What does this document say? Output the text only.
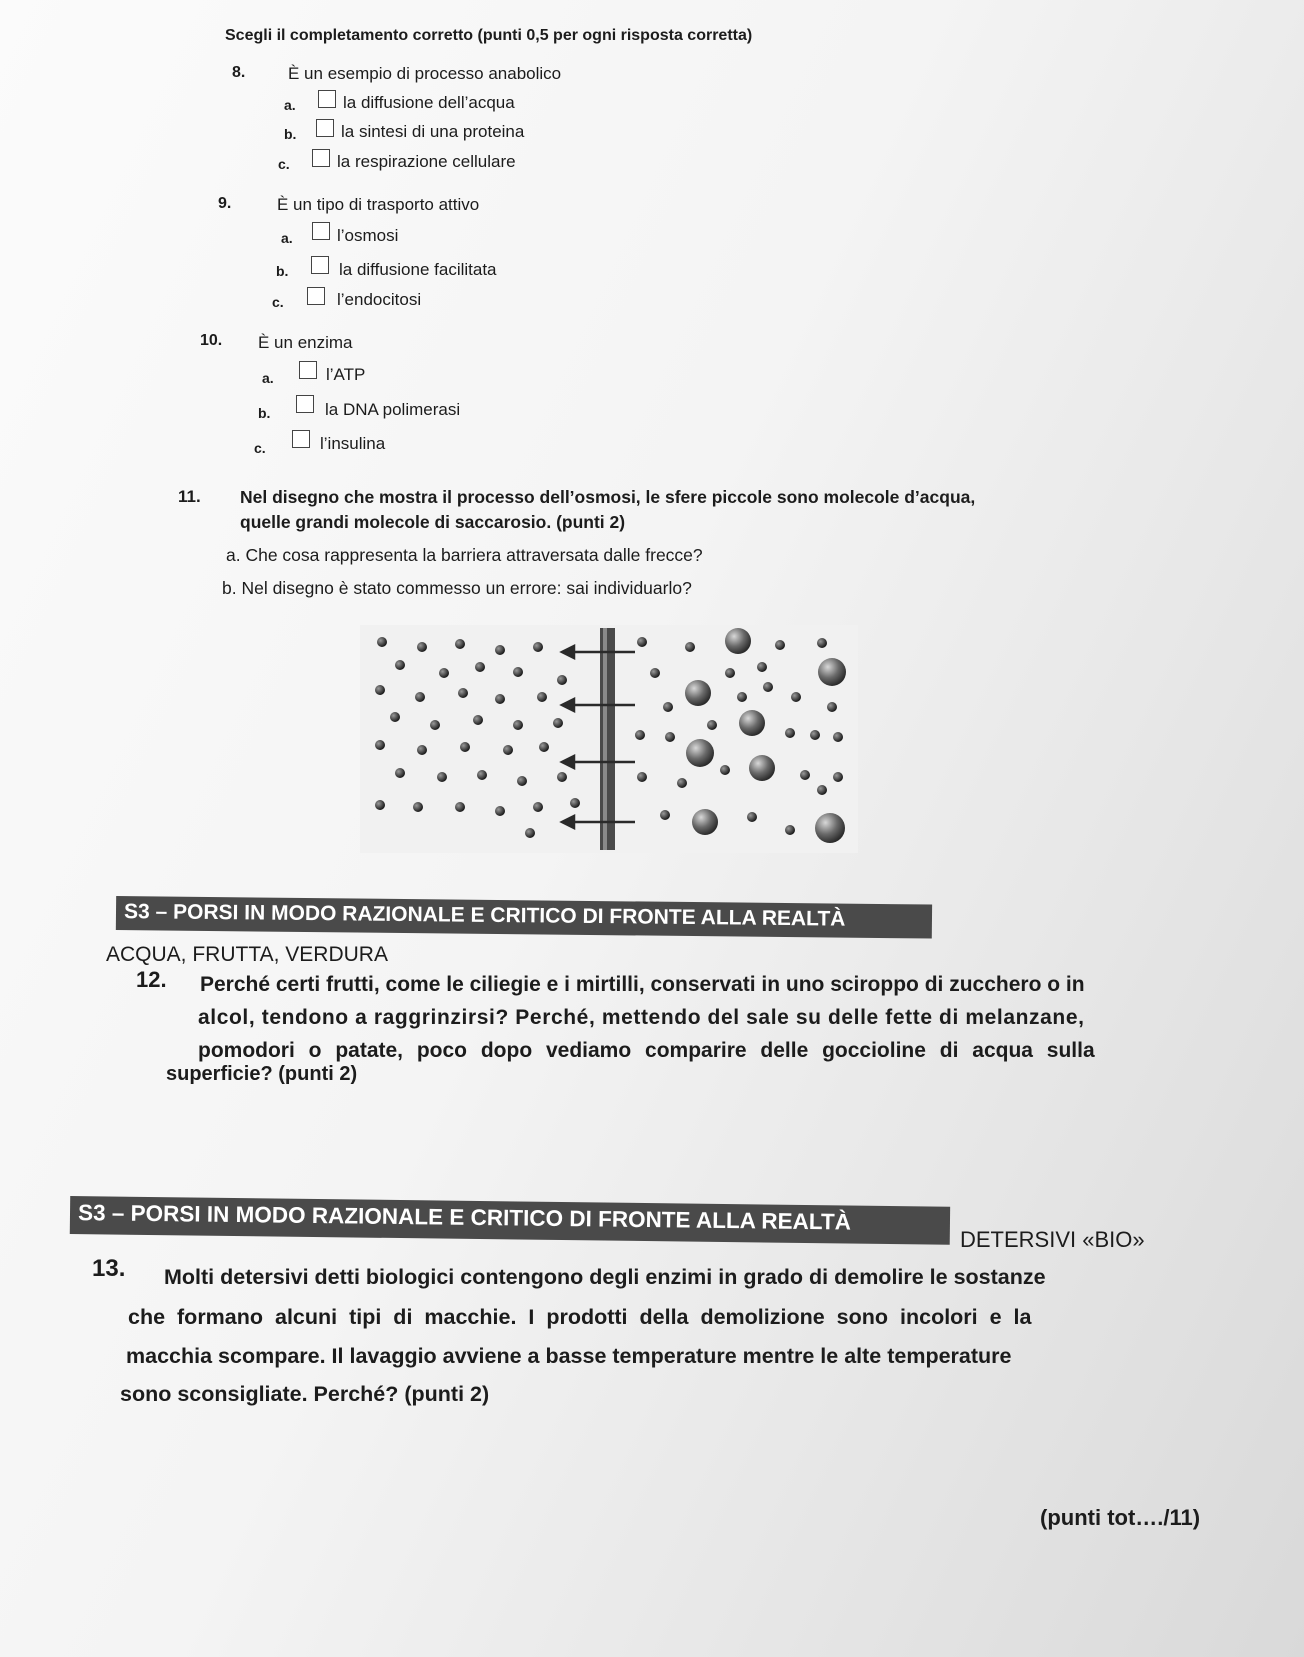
Scegli il completamento corretto (punti 0,5 per ogni risposta corretta)
8.	È un esempio di processo anabolico
a.	la diffusione dell’acqua
b.	la sintesi di una proteina
c.	la respirazione cellulare
9.	È un tipo di trasporto attivo
a.	l’osmosi
b.	la diffusione facilitata
c.	l’endocitosi
10. È un enzima
a.	l’ATP
b.	la DNA polimerasi
c.	l’insulina
11. Nel disegno che mostra il processo dell’osmosi, le sfere piccole sono molecole d’acqua,
quelle grandi molecole di saccarosio. (punti 2)
a. Che cosa rappresenta la barriera attraversata dalle frecce?
b. Nel disegno è stato commesso un errore: sai individuarlo?
S3 – PORSI IN MODO RAZIONALE E CRITICO DI FRONTE ALLA REALTÀ
ACQUA, FRUTTA, VERDURA
12. Perché certi frutti, come le ciliegie e i mirtilli, conservati in uno sciroppo di zucchero o in
alcol, tendono a raggrinzirsi? Perché, mettendo del sale su delle fette di melanzane,
pomodori o patate, poco dopo vediamo comparire delle goccioline di acqua sulla
superficie? (punti 2)
S3 – PORSI IN MODO RAZIONALE E CRITICO DI FRONTE ALLA REALTÀ
DETERSIVI «BIO»
13. Molti detersivi detti biologici contengono degli enzimi in grado di demolire le sostanze
che formano alcuni tipi di macchie. I prodotti della demolizione sono incolori e la
macchia scompare. Il lavaggio avviene a basse temperature mentre le alte temperature
sono sconsigliate. Perché? (punti 2)
(punti tot…./11)
